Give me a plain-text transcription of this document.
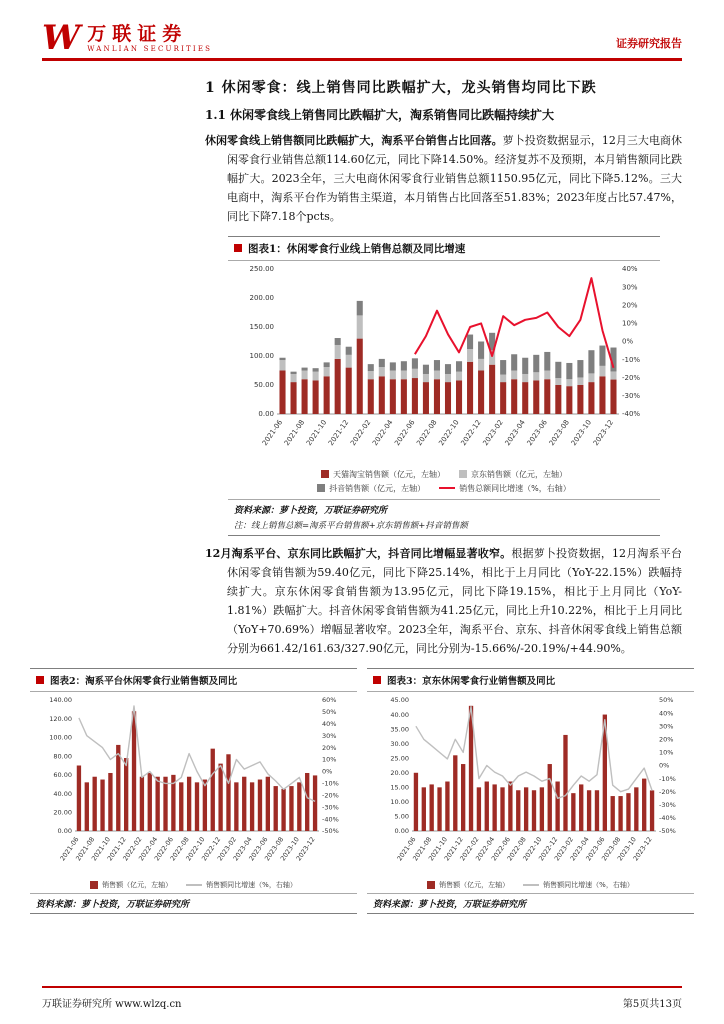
W 万联证券
WANLIAN SECURITIES	证券研究报告
1 休闲零食：线上销售同比跌幅扩大，龙头销售均同比下跌
1.1 休闲零食线上销售同比跌幅扩大，淘系销售同比跌幅持续扩大

休闲零食线上销售额同比跌幅扩大，淘系平台销售占比回落。萝卜投资数据显示，12月三大电商休闲零食行业销售总额114.60亿元，同比下降14.50%。经济复苏不及预期，本月销售额同比跌幅扩大。2023全年，三大电商休闲零食行业销售总额1150.95亿元，同比下降5.12%。三大电商中，淘系平台作为销售主渠道，本月销售占比回落至51.83%；2023年度占比57.47%，同比下降7.18个pcts。

图表1：休闲零食行业线上销售总额及同比增速
0.00
50.00
100.00
150.00
200.00
250.00
-40%
-30%
-20%
-10%
0%
10%
20%
30%
40%
2021-06
2021-08
2021-10
2021-12
2022-02
2022-04
2022-06
2022-08
2022-10
2022-12
2023-02
2023-04
2023-06
2023-08
2023-10
2023-12
天猫淘宝销售额（亿元，左轴）	京东销售额（亿元，左轴）
抖音销售额（亿元，左轴）	销售总额同比增速（%，右轴）
资料来源：萝卜投资，万联证券研究所
注：线上销售总额=淘系平台销售额+京东销售额+抖音销售额

12月淘系平台、京东同比跌幅扩大，抖音同比增幅显著收窄。根据萝卜投资数据，12月淘系平台休闲零食销售额为59.40亿元，同比下降25.14%，相比于上月同比（YoY-22.15%）跌幅持续扩大。京东休闲零食销售额为13.95亿元，同比下降19.15%，相比于上月同比（YoY-1.81%）跌幅扩大。抖音休闲零食销售额为41.25亿元，同比上升10.22%，相比于上月同比（YoY+70.69%）增幅显著收窄。2023全年，淘系平台、京东、抖音休闲零食线上销售总额分别为661.42/161.63/327.90亿元，同比分别为-15.66%/-20.19%/+44.90%。

图表2：淘系平台休闲零食行业销售额及同比
0.00
20.00
40.00
60.00
80.00
100.00
120.00
140.00
-50%
-40%
-30%
-20%
-10%
0%
10%
20%
30%
40%
50%
60%
2021-06
2021-08
2021-10
2021-12
2022-02
2022-04
2022-06
2022-08
2022-10
2022-12
2023-02
2023-04
2023-06
2023-08
2023-10
2023-12
销售额（亿元，左轴）	销售额同比增速（%，右轴）
资料来源：萝卜投资，万联证券研究所
图表3：京东休闲零食行业销售额及同比
0.00
5.00
10.00
15.00
20.00
25.00
30.00
35.00
40.00
45.00
-50%
-40%
-30%
-20%
-10%
0%
10%
20%
30%
40%
50%
2021-06
2021-08
2021-10
2021-12
2022-02
2022-04
2022-06
2022-08
2022-10
2022-12
2023-02
2023-04
2023-06
2023-08
2023-10
2023-12
销售额（亿元，左轴）	销售额同比增速（%，右轴）
资料来源：萝卜投资，万联证券研究所
万联证券研究所 www.wlzq.cn	第5页共13页
